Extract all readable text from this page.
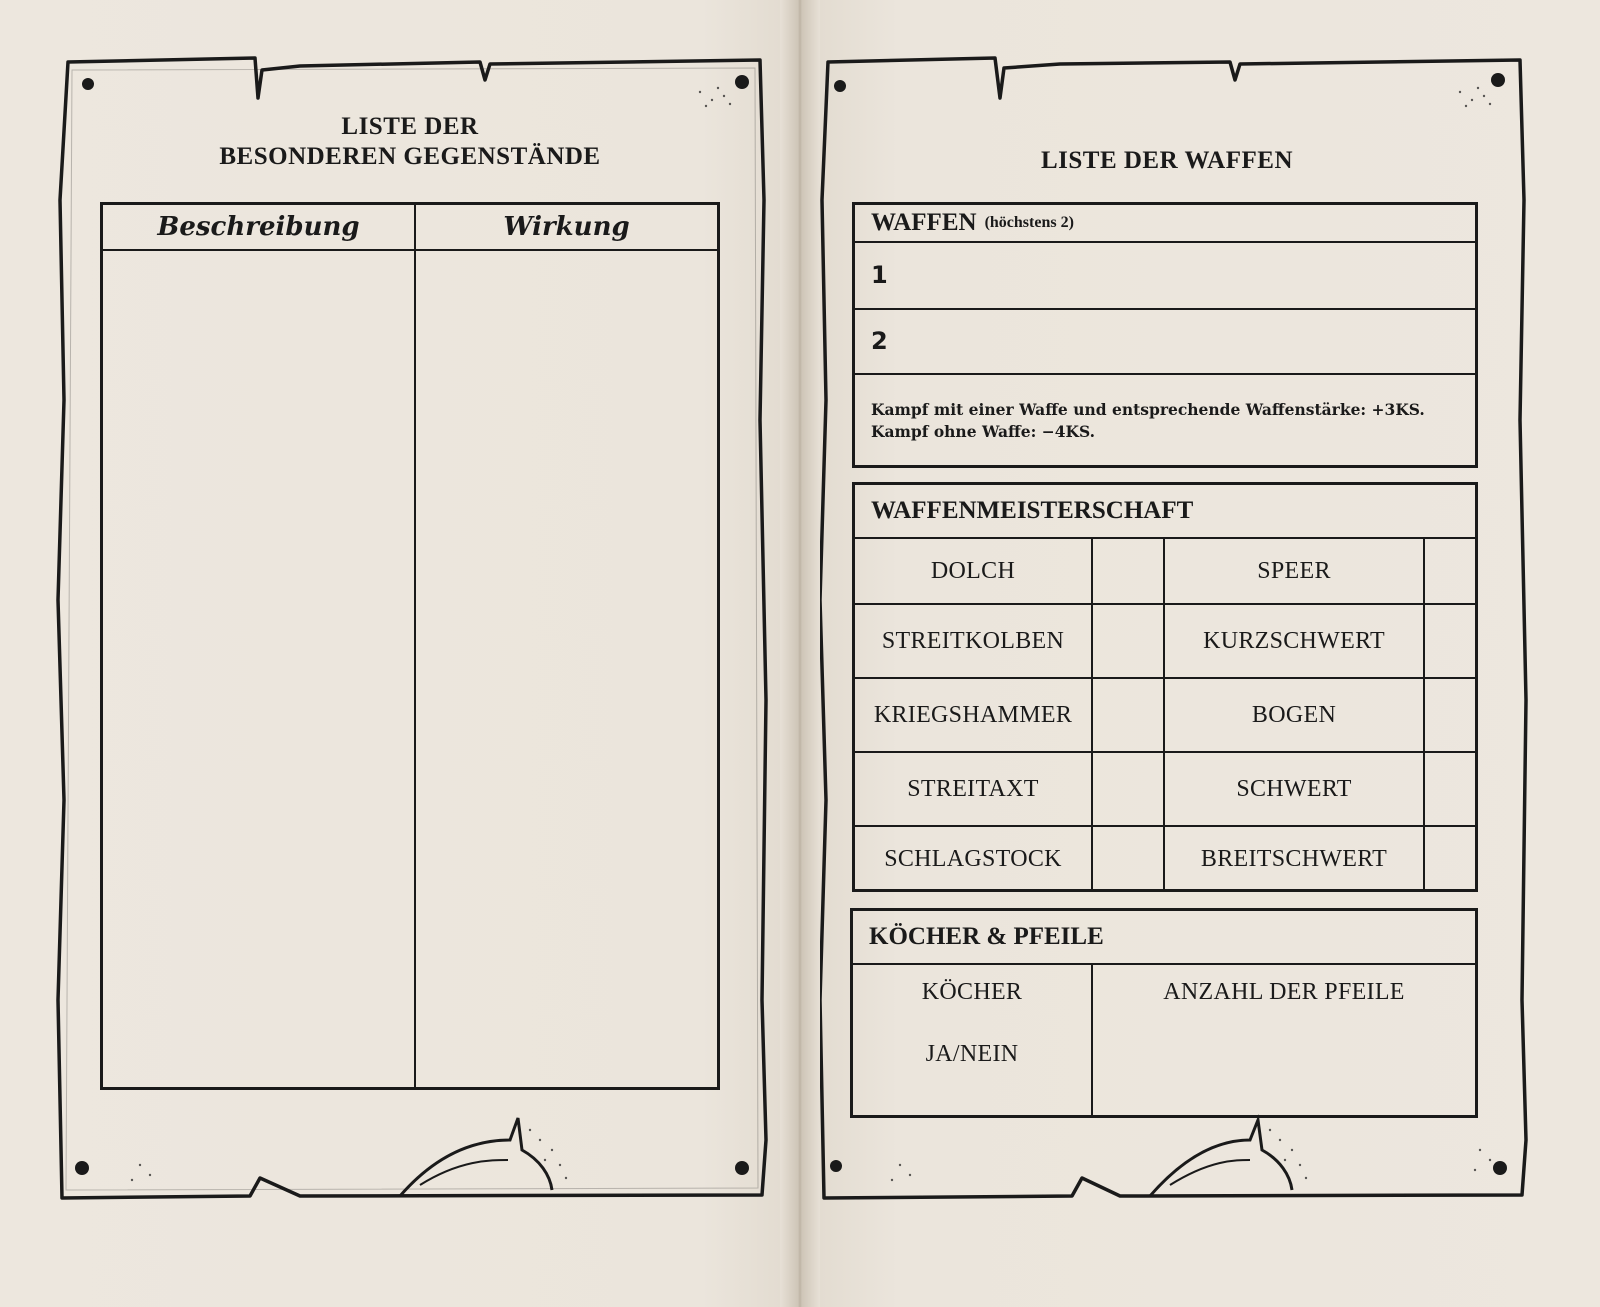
LISTE DER
BESONDEREN GEGENSTÄNDE
Beschreibung	Wirkung
LISTE DER WAFFEN
WAFFEN (höchstens 2)
1
2
Kampf mit einer Waffe und entsprechende Waffenstärke: +3KS.
Kampf ohne Waffe: −4KS.
WAFFENMEISTERSCHAFT
DOLCH	SPEER
STREITKOLBEN	KURZSCHWERT
KRIEGSHAMMER	BOGEN
STREITAXT	SCHWERT
SCHLAGSTOCK	BREITSCHWERT
KÖCHER & PFEILE
KÖCHER
JA/NEIN
ANZAHL DER PFEILE
